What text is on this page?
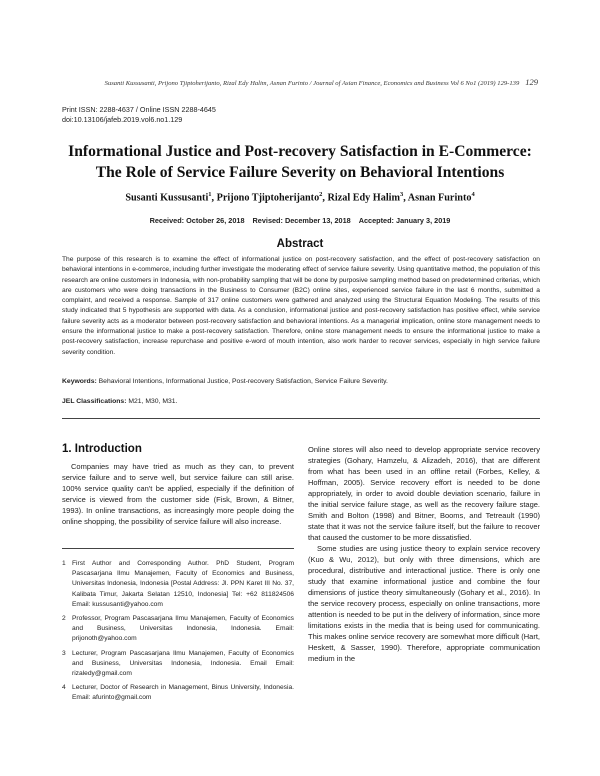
Susanti Kussusanti, Prijono Tjiptoherijanto, Rizal Edy Halim, Asnan Furinto / Journal of Asian Finance, Economics and Business Vol 6 No1 (2019) 129-139 129
Print ISSN: 2288-4637 / Online ISSN 2288-4645
doi:10.13106/jafeb.2019.vol6.no1.129
Informational Justice and Post-recovery Satisfaction in E-Commerce:
The Role of Service Failure Severity on Behavioral Intentions
Susanti Kussusanti$^1$, Prijono Tjiptoherijanto$^2$, Rizal Edy Halim$^3$, Asnan Furinto$^4$
Received: October 26, 2018 Revised: December 13, 2018 Accepted: January 3, 2019
Abstract
The purpose of this research is to examine the effect of informational justice on post-recovery satisfaction, and the effect of post-recovery satisfaction on behavioral intentions in e-commerce, including further investigate the moderating effect of service failure severity. Using quantitative method, the population of this research are online customers in Indonesia, with non-probability sampling that will be done by purposive sampling method based on predetermined criterias, which are customers who were doing transactions in the Business to Consumer (B2C) online sites, experienced service failure in the last 6 months, submitted a complaint, and received a response. Sample of 317 online customers were gathered and analyzed using the Structural Equation Modeling. The results of this study indicated that 5 hypothesis are supported with data. As a conclusion, informational justice and post-recovery satisfaction has positive effect, while service failure severity acts as a moderator between post-recovery satisfaction and behavioral intentions. As a managerial implication, online store management needs to ensure the informational justice to make a post-recovery satisfaction. Therefore, online store management needs to ensure the informational justice to make a post-recovery satisfaction, increase repurchase and positive e-word of mouth intention, also work harder to recover services, especially in high service failure severity condition.
Keywords: Behavioral Intentions, Informational Justice, Post-recovery Satisfaction, Service Failure Severity.
JEL Classifications: M21, M30, M31.
1. Introduction

Companies may have tried as much as they can, to prevent service failure and to serve well, but service failure can still arise. 100% service quality can't be applied, especially if the definition of service is viewed from the customer side (Fisk, Brown, & Bitner, 1993). In online transactions, as increasingly more people doing the online shopping, the possibility of service failure will also increase.

1 First Author and Corresponding Author. PhD Student, Program Pascasarjana Ilmu Manajemen, Faculty of Economics and Business, Universitas Indonesia, Indonesia [Postal Address: Jl. PPN Karet III No. 37, Kalibata Timur, Jakarta Selatan 12510, Indonesia] Tel: +62 811824506 Email: kussusanti@yahoo.com
2 Professor, Program Pascasarjana Ilmu Manajemen, Faculty of Economics and Business, Universitas Indonesia, Indonesia. Email: prijonoth@yahoo.com
3 Lecturer, Program Pascasarjana Ilmu Manajemen, Faculty of Economics and Business, Universitas Indonesia, Indonesia. Email Email: rizaledy@gmail.com
4 Lecturer, Doctor of Research in Management, Binus University, Indonesia. Email: afurinto@gmail.com

Online stores will also need to develop appropriate service recovery strategies (Gohary, Hamzelu, & Alizadeh, 2016), that are different from what has been used in an offline retail (Forbes, Kelley, & Hoffman, 2005). Service recovery effort is needed to be done appropriately, in order to avoid double deviation scenario, failure in the initial service failure stage, as well as the recovery failure stage. Smith and Bolton (1998) and Bitner, Booms, and Tetreault (1990) state that it was not the service failure itself, but the failure to recover that caused the customer to be more dissatisfied.

Some studies are using justice theory to explain service recovery (Kuo & Wu, 2012), but only with three dimensions, which are procedural, distributive and interactional justice. There is only one study that examine informational justice and combine the four dimensions of justice theory simultaneously (Gohary et al., 2016). In the service recovery process, especially on online transactions, more attention is needed to be put in the delivery of information, since more limitations exists in the media that is being used for communicating. This makes online service recovery are somewhat more difficult (Hart, Heskett, & Sasser, 1990). Therefore, appropriate communication medium in the
